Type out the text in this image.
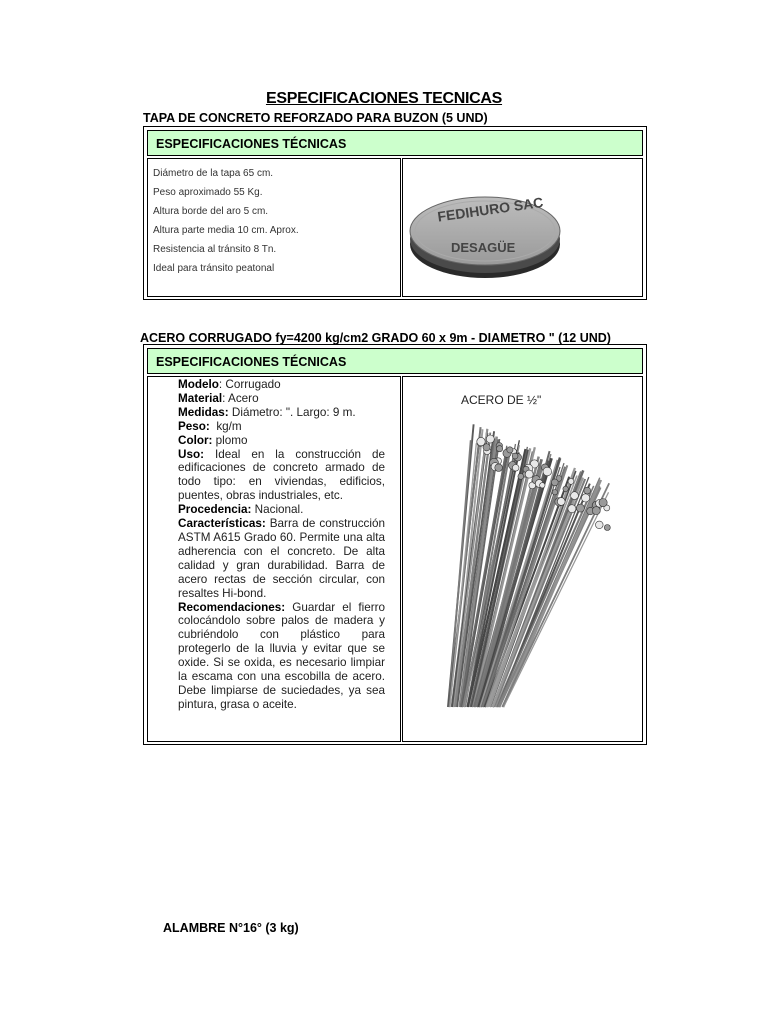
ESPECIFICACIONES TECNICAS
TAPA DE CONCRETO REFORZADO PARA BUZON (5 UND)
ESPECIFICACIONES TÉCNICAS
Diámetro de la tapa 65 cm.
Peso aproximado 55 Kg.
Altura borde del aro 5 cm.
Altura parte media 10 cm. Aprox.
Resistencia al tránsito 8 Tn.
Ideal para tránsito peatonal
FEDIHURO SAC
DESAGÜE
ACERO CORRUGADO fy=4200 kg/cm2 GRADO 60 x 9m - DIAMETRO " (12 UND)
ESPECIFICACIONES TÉCNICAS

Modelo: Corrugado

Material: Acero

Medidas: Diámetro: ". Largo: 9 m.

Peso: kg/m

Color: plomo

Uso: Ideal en la construcción de edificaciones de concreto armado de todo tipo: en viviendas, edificios, puentes, obras industriales, etc.

Procedencia: Nacional.

Características: Barra de construcción ASTM A615 Grado 60. Permite una alta adherencia con el concreto. De alta calidad y gran durabilidad. Barra de acero rectas de sección circular, con resaltes Hi-bond.

Recomendaciones: Guardar el fierro colocándolo sobre palos de madera y cubriéndolo con plástico para protegerlo de la lluvia y evitar que se oxide. Si se oxida, es necesario limpiar la escama con una escobilla de acero. Debe limpiarse de suciedades, ya sea pintura, grasa o aceite.

ACERO DE ½"
ALAMBRE N°16° (3 kg)
